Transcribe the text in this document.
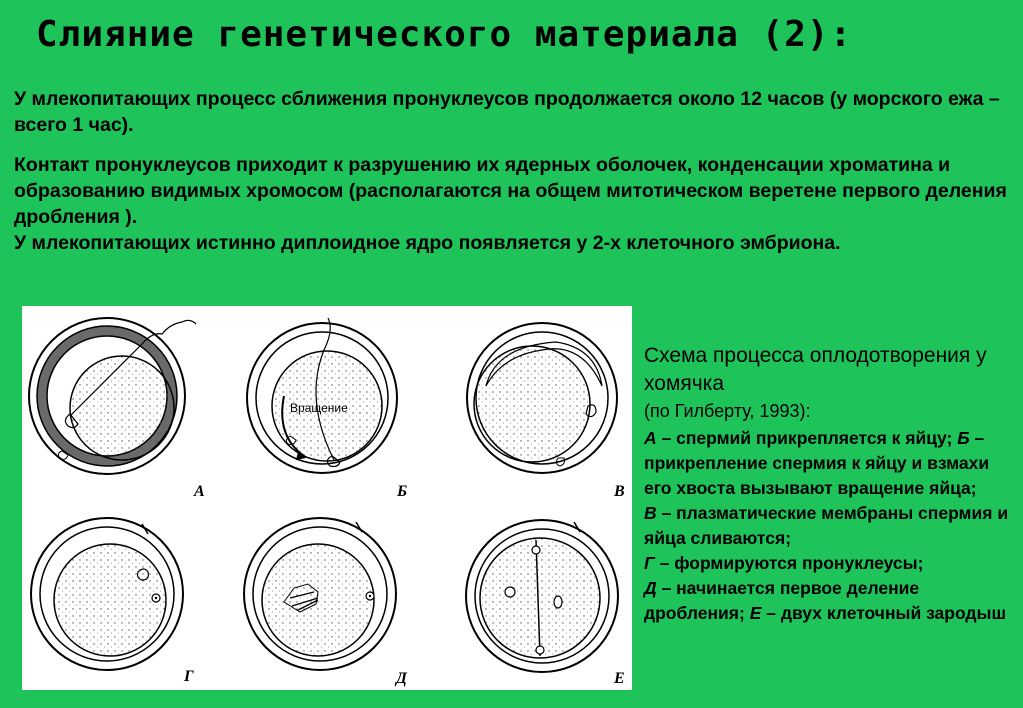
Слияние генетического материала (2):
У млекопитающих процесс сближения пронуклеусов продолжается около 12 часов (у морского ежа – всего 1 час).
Контакт пронуклеусов приходит к разрушению их ядерных оболочек, конденсации хроматина и образованию видимых хромосом (располагаются на общем митотическом веретене первого деления дробления ).
У млекопитающих истинно диплоидное ядро появляется у 2-х клеточного эмбриона.
А
Вращение
Б	В
Г	Д	Е
Схема процесса оплодотворения у хомячка
(по Гилберту, 1993):
А – спермий прикрепляется к яйцу; Б – прикрепление спермия к яйцу и взмахи его хвоста вызывают вращение яйца;
В – плазматические мембраны спермия и яйца сливаются;
Г – формируются пронуклеусы;
Д – начинается первое деление дробления; Е – двух клеточный зародыш
